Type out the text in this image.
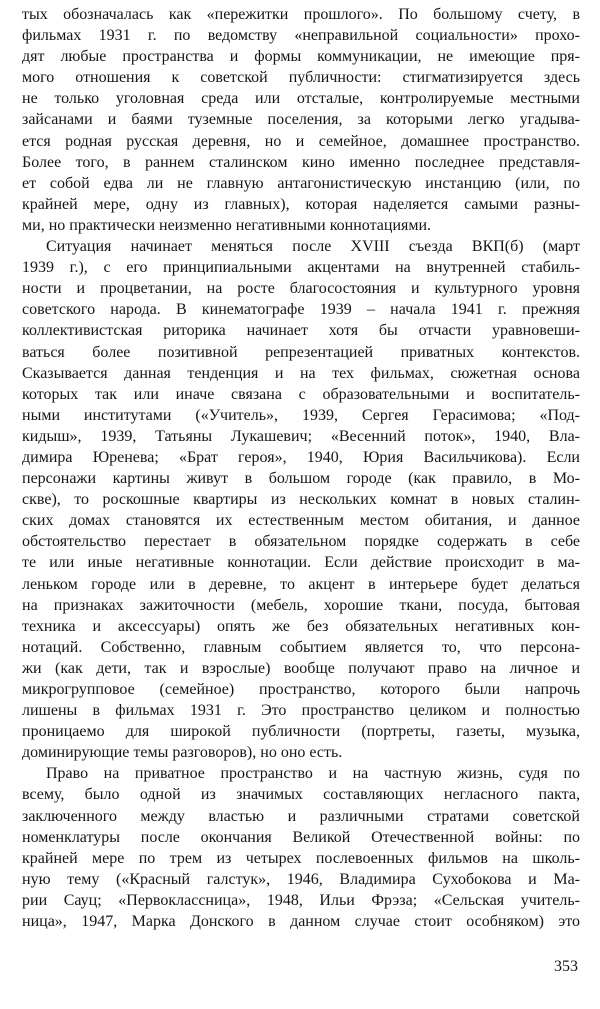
тых обозначалась как «пережитки прошлого». По большому счету, в
фильмах 1931 г. по ведомству «неправильной социальности» прохо-
дят любые пространства и формы коммуникации, не имеющие пря-
мого отношения к советской публичности: стигматизируется здесь
не только уголовная среда или отсталые, контролируемые местными
зайсанами и баями туземные поселения, за которыми легко угадыва-
ется родная русская деревня, но и семейное, домашнее пространство.
Более того, в раннем сталинском кино именно последнее представля-
ет собой едва ли не главную антагонистическую инстанцию (или, по
крайней мере, одну из главных), которая наделяется самыми разны-
ми, но практически неизменно негативными коннотациями.
Ситуация начинает меняться после XVIII съезда ВКП(б) (март
1939 г.), с его принципиальными акцентами на внутренней стабиль-
ности и процветании, на росте благосостояния и культурного уровня
советского народа. В кинематографе 1939 – начала 1941 г. прежняя
коллективистская риторика начинает хотя бы отчасти уравновеши-
ваться более позитивной репрезентацией приватных контекстов.
Сказывается данная тенденция и на тех фильмах, сюжетная основа
которых так или иначе связана с образовательными и воспитатель-
ными институтами («Учитель», 1939, Сергея Герасимова; «Под-
кидыш», 1939, Татьяны Лукашевич; «Весенний поток», 1940, Вла-
димира Юренева; «Брат героя», 1940, Юрия Васильчикова). Если
персонажи картины живут в большом городе (как правило, в Мо-
скве), то роскошные квартиры из нескольких комнат в новых сталин-
ских домах становятся их естественным местом обитания, и данное
обстоятельство перестает в обязательном порядке содержать в себе
те или иные негативные коннотации. Если действие происходит в ма-
леньком городе или в деревне, то акцент в интерьере будет делаться
на признаках зажиточности (мебель, хорошие ткани, посуда, бытовая
техника и аксессуары) опять же без обязательных негативных кон-
нотаций. Собственно, главным событием является то, что персона-
жи (как дети, так и взрослые) вообще получают право на личное и
микрогрупповое (семейное) пространство, которого были напрочь
лишены в фильмах 1931 г. Это пространство целиком и полностью
проницаемо для широкой публичности (портреты, газеты, музыка,
доминирующие темы разговоров), но оно есть.
Право на приватное пространство и на частную жизнь, судя по
всему, было одной из значимых составляющих негласного пакта,
заключенного между властью и различными стратами советской
номенклатуры после окончания Великой Отечественной войны: по
крайней мере по трем из четырех послевоенных фильмов на школь-
ную тему («Красный галстук», 1946, Владимира Сухобокова и Ма-
рии Сауц; «Первоклассница», 1948, Ильи Фрэза; «Сельская учитель-
ница», 1947, Марка Донского в данном случае стоит особняком) это
353
